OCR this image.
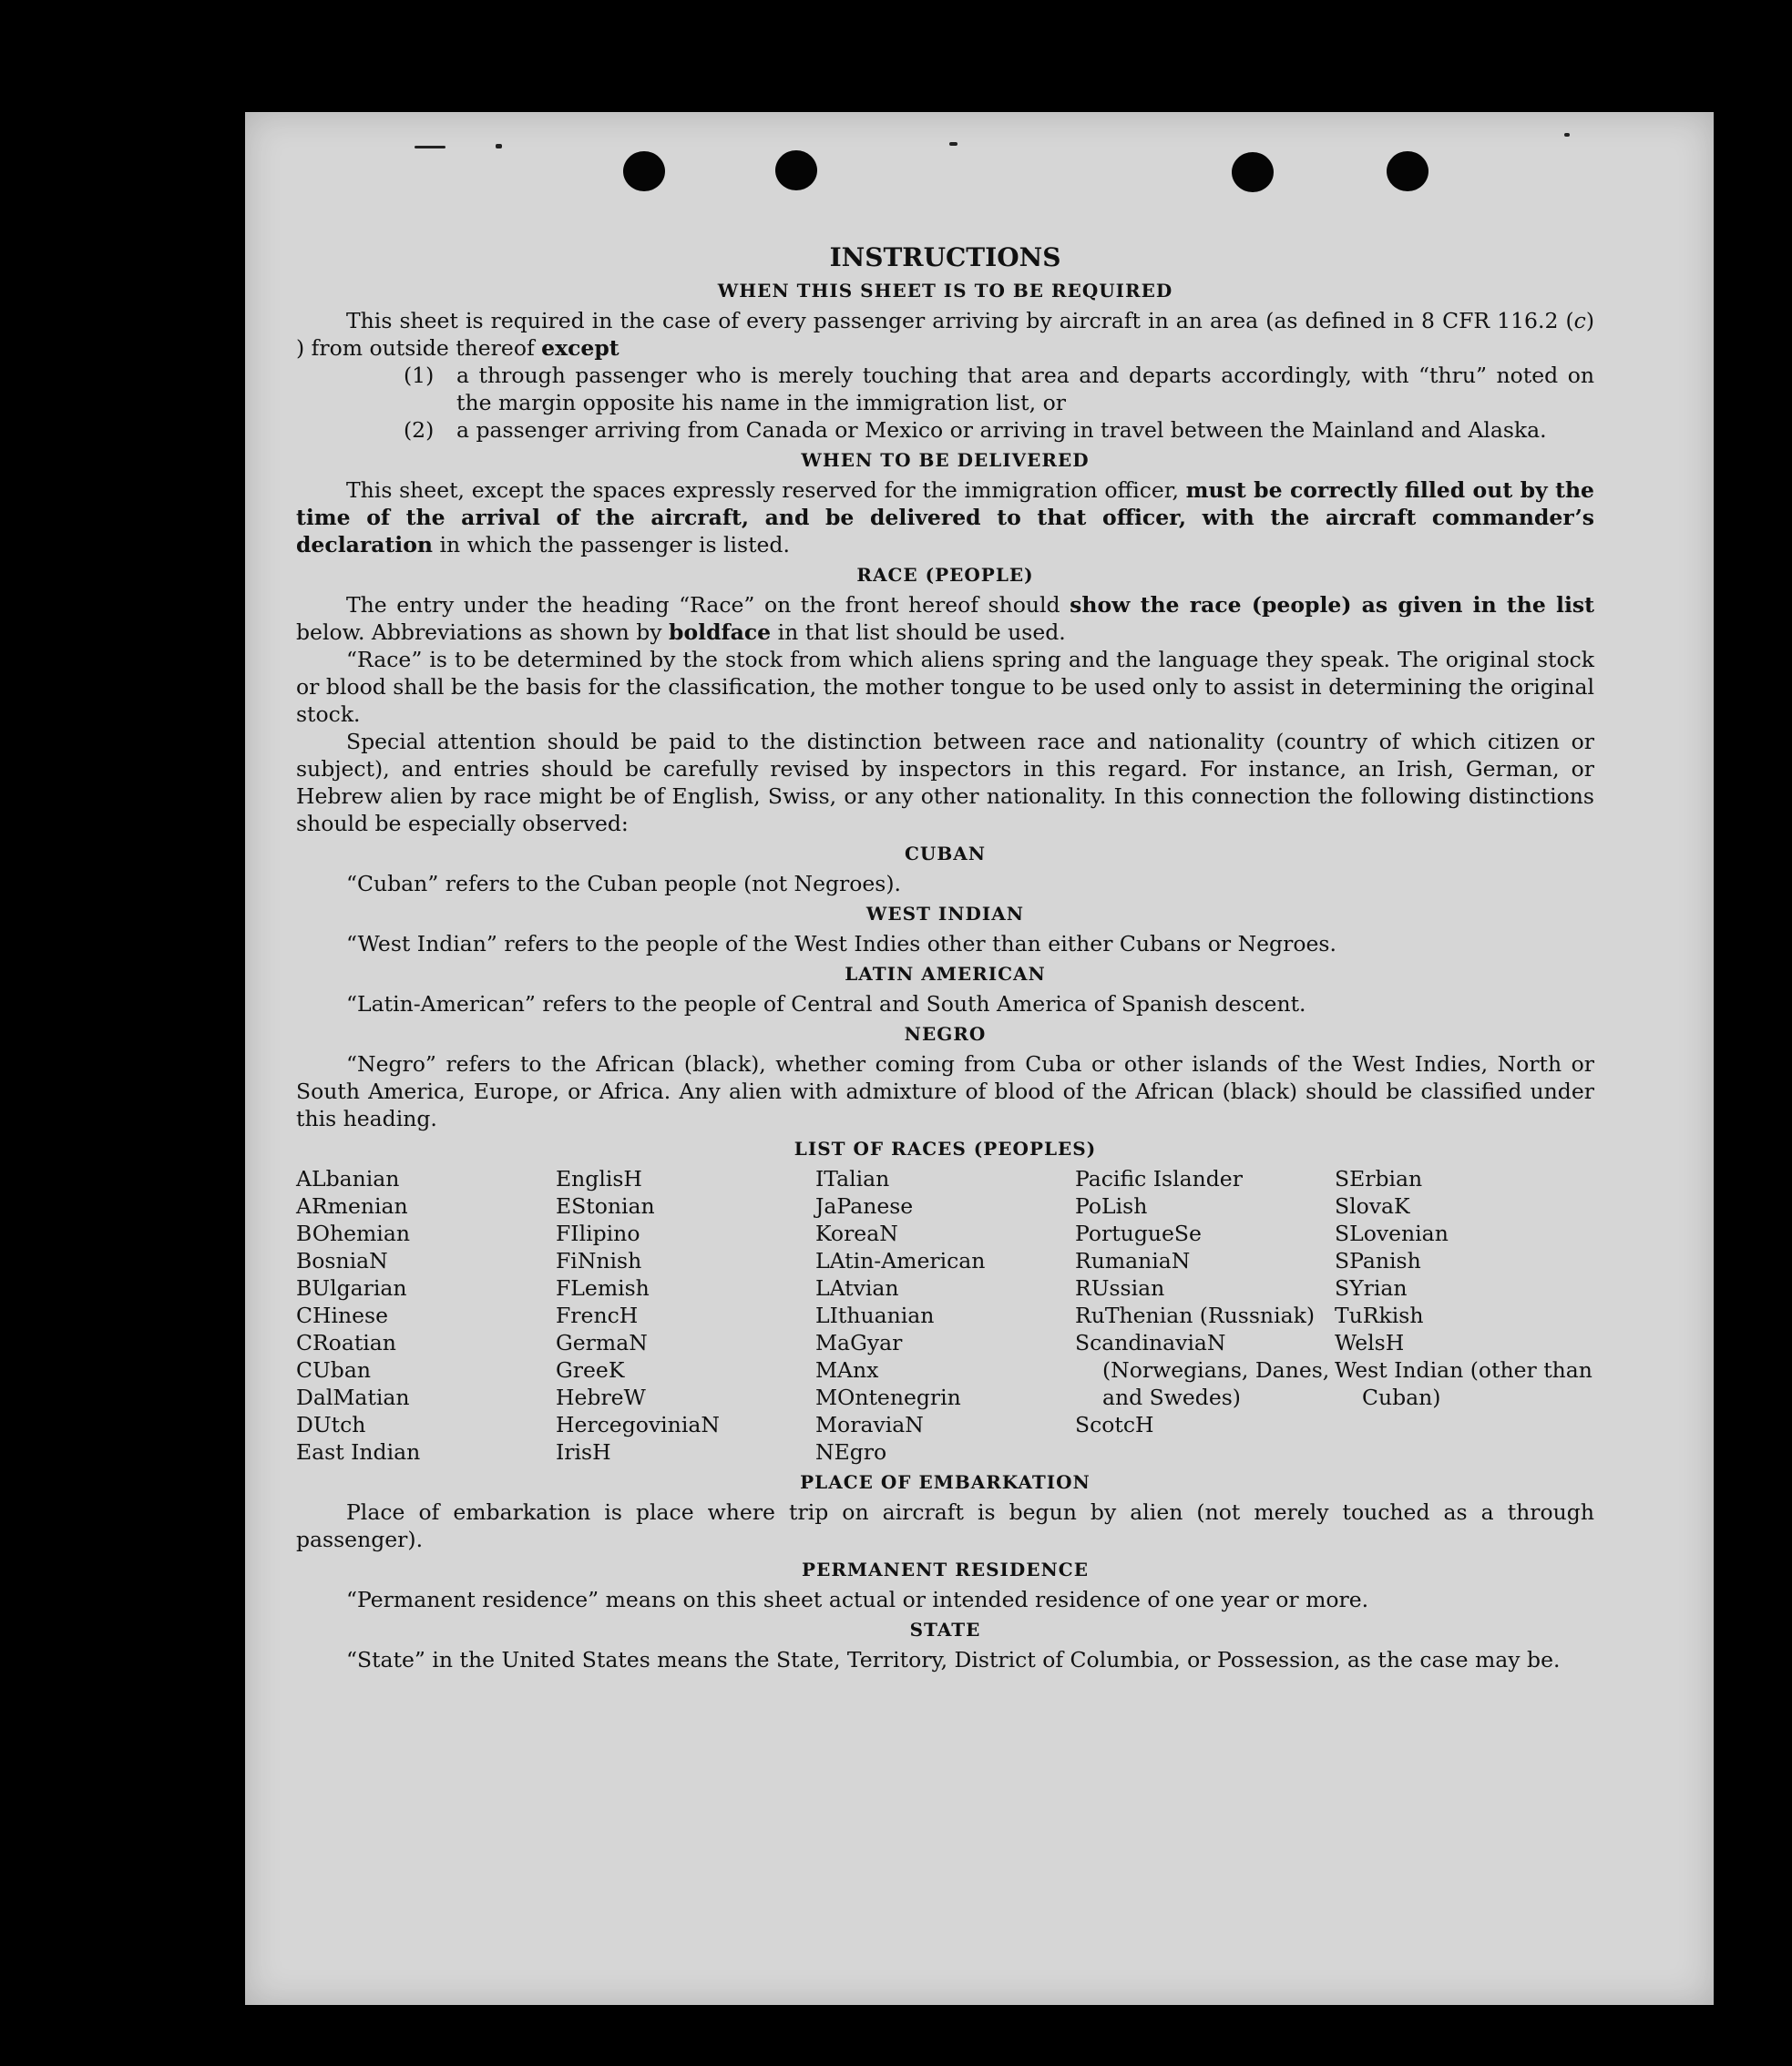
INSTRUCTIONS
WHEN THIS SHEET IS TO BE REQUIRED

This sheet is required in the case of every passenger arriving by aircraft in an area (as defined in 8 CFR 116.2 (c) ) from outside thereof except

(1)	a through passenger who is merely touching that area and departs accordingly, with “thru” noted on the margin opposite his name in the immigration list, or
(2)	a passenger arriving from Canada or Mexico or arriving in travel between the Mainland and Alaska.
WHEN TO BE DELIVERED

This sheet, except the spaces expressly reserved for the immigration officer, must be correctly filled out by the time of the arrival of the aircraft, and be delivered to that officer, with the aircraft commander’s declaration in which the passenger is listed.

RACE (PEOPLE)

The entry under the heading “Race” on the front hereof should show the race (people) as given in the list below. Abbreviations as shown by boldface in that list should be used.

“Race” is to be determined by the stock from which aliens spring and the language they speak. The original stock or blood shall be the basis for the classification, the mother tongue to be used only to assist in determining the original stock.

Special attention should be paid to the distinction between race and nationality (country of which citizen or subject), and entries should be carefully revised by inspectors in this regard. For instance, an Irish, German, or Hebrew alien by race might be of English, Swiss, or any other nationality. In this connection the following distinctions should be especially observed:

CUBAN

“Cuban” refers to the Cuban people (not Negroes).

WEST INDIAN

“West Indian” refers to the people of the West Indies other than either Cubans or Negroes.

LATIN AMERICAN

“Latin-American” refers to the people of Central and South America of Spanish descent.

NEGRO

“Negro” refers to the African (black), whether coming from Cuba or other islands of the West Indies, North or South America, Europe, or Africa. Any alien with admixture of blood of the African (black) should be classified under this heading.

LIST OF RACES (PEOPLES)
ALbanian
ARmenian
BOhemian
BosniaN
BUlgarian
CHinese
CRoatian
CUban
DalMatian
DUtch
East Indian
EnglisH
EStonian
FIlipino
FiNnish
FLemish
FrencH
GermaN
GreeK
HebreW
HercegoviniaN
IrisH
ITalian
JaPanese
KoreaN
LAtin-American
LAtvian
LIthuanian
MaGyar
MAnx
MOntenegrin
MoraviaN
NEgro
Pacific Islander
PoLish
PortugueSe
RumaniaN
RUssian
RuThenian (Russniak)
ScandinaviaN (Norwegians, Danes, and Swedes)
ScotcH
SErbian
SlovaK
SLovenian
SPanish
SYrian
TuRkish
WelsH
West Indian (other than Cuban)
PLACE OF EMBARKATION

Place of embarkation is place where trip on aircraft is begun by alien (not merely touched as a through passenger).

PERMANENT RESIDENCE

“Permanent residence” means on this sheet actual or intended residence of one year or more.

STATE

“State” in the United States means the State, Territory, District of Columbia, or Possession, as the case may be.
